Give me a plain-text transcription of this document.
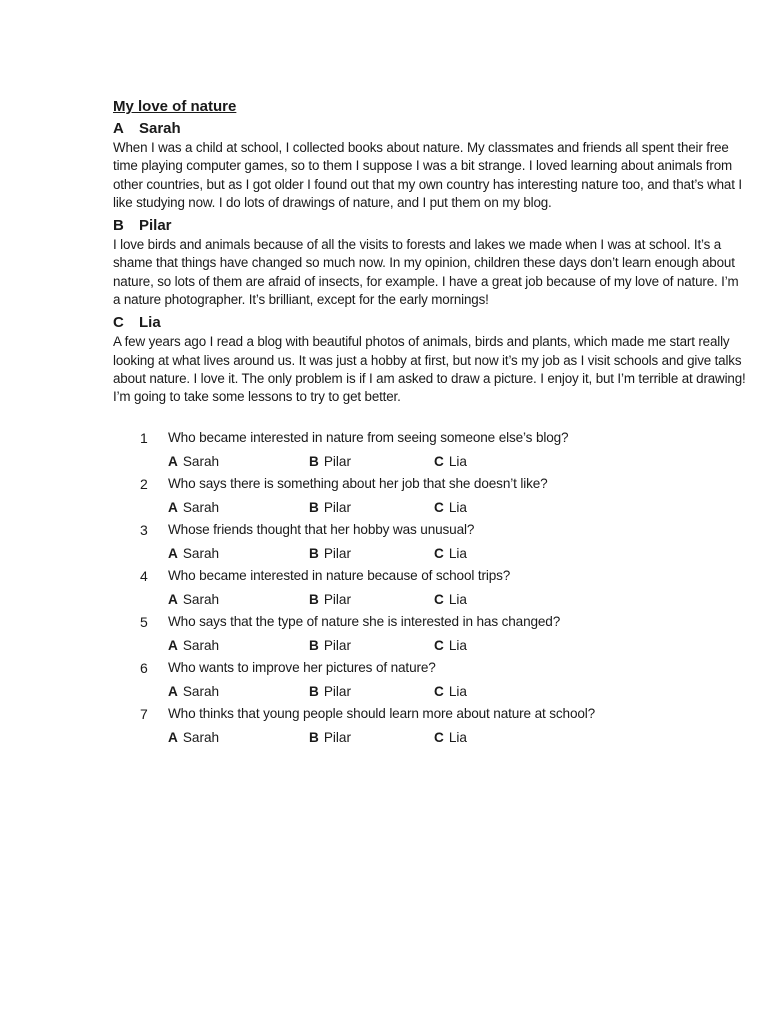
My love of nature
A	Sarah

When I was a child at school, I collected books about nature. My classmates and friends all spent their free time playing computer games, so to them I suppose I was a bit strange. I loved learning about animals from other countries, but as I got older I found out that my own country has interesting nature too, and that’s what I like studying now. I do lots of drawings of nature, and I put them on my blog.

B	Pilar

I love birds and animals because of all the visits to forests and lakes we made when I was at school. It’s a shame that things have changed so much now. In my opinion, children these days don’t learn enough about nature, so lots of them are afraid of insects, for example. I have a great job because of my love of nature. I’m a nature photographer. It’s brilliant, except for the early mornings!

C	Lia

A few years ago I read a blog with beautiful photos of animals, birds and plants, which made me start really looking at what lives around us. It was just a hobby at first, but now it’s my job as I visit schools and give talks about nature. I love it. The only problem is if I am asked to draw a picture. I enjoy it, but I’m terrible at drawing! I’m going to take some lessons to try to get better.

1	Who became interested in nature from seeing someone else’s blog?
A Sarah	B Pilar	C Lia
2	Who says there is something about her job that she doesn’t like?
A Sarah	B Pilar	C Lia
3	Whose friends thought that her hobby was unusual?
A Sarah	B Pilar	C Lia
4	Who became interested in nature because of school trips?
A Sarah	B Pilar	C Lia
5	Who says that the type of nature she is interested in has changed?
A Sarah	B Pilar	C Lia
6	Who wants to improve her pictures of nature?
A Sarah	B Pilar	C Lia
7	Who thinks that young people should learn more about nature at school?
A Sarah	B Pilar	C Lia
